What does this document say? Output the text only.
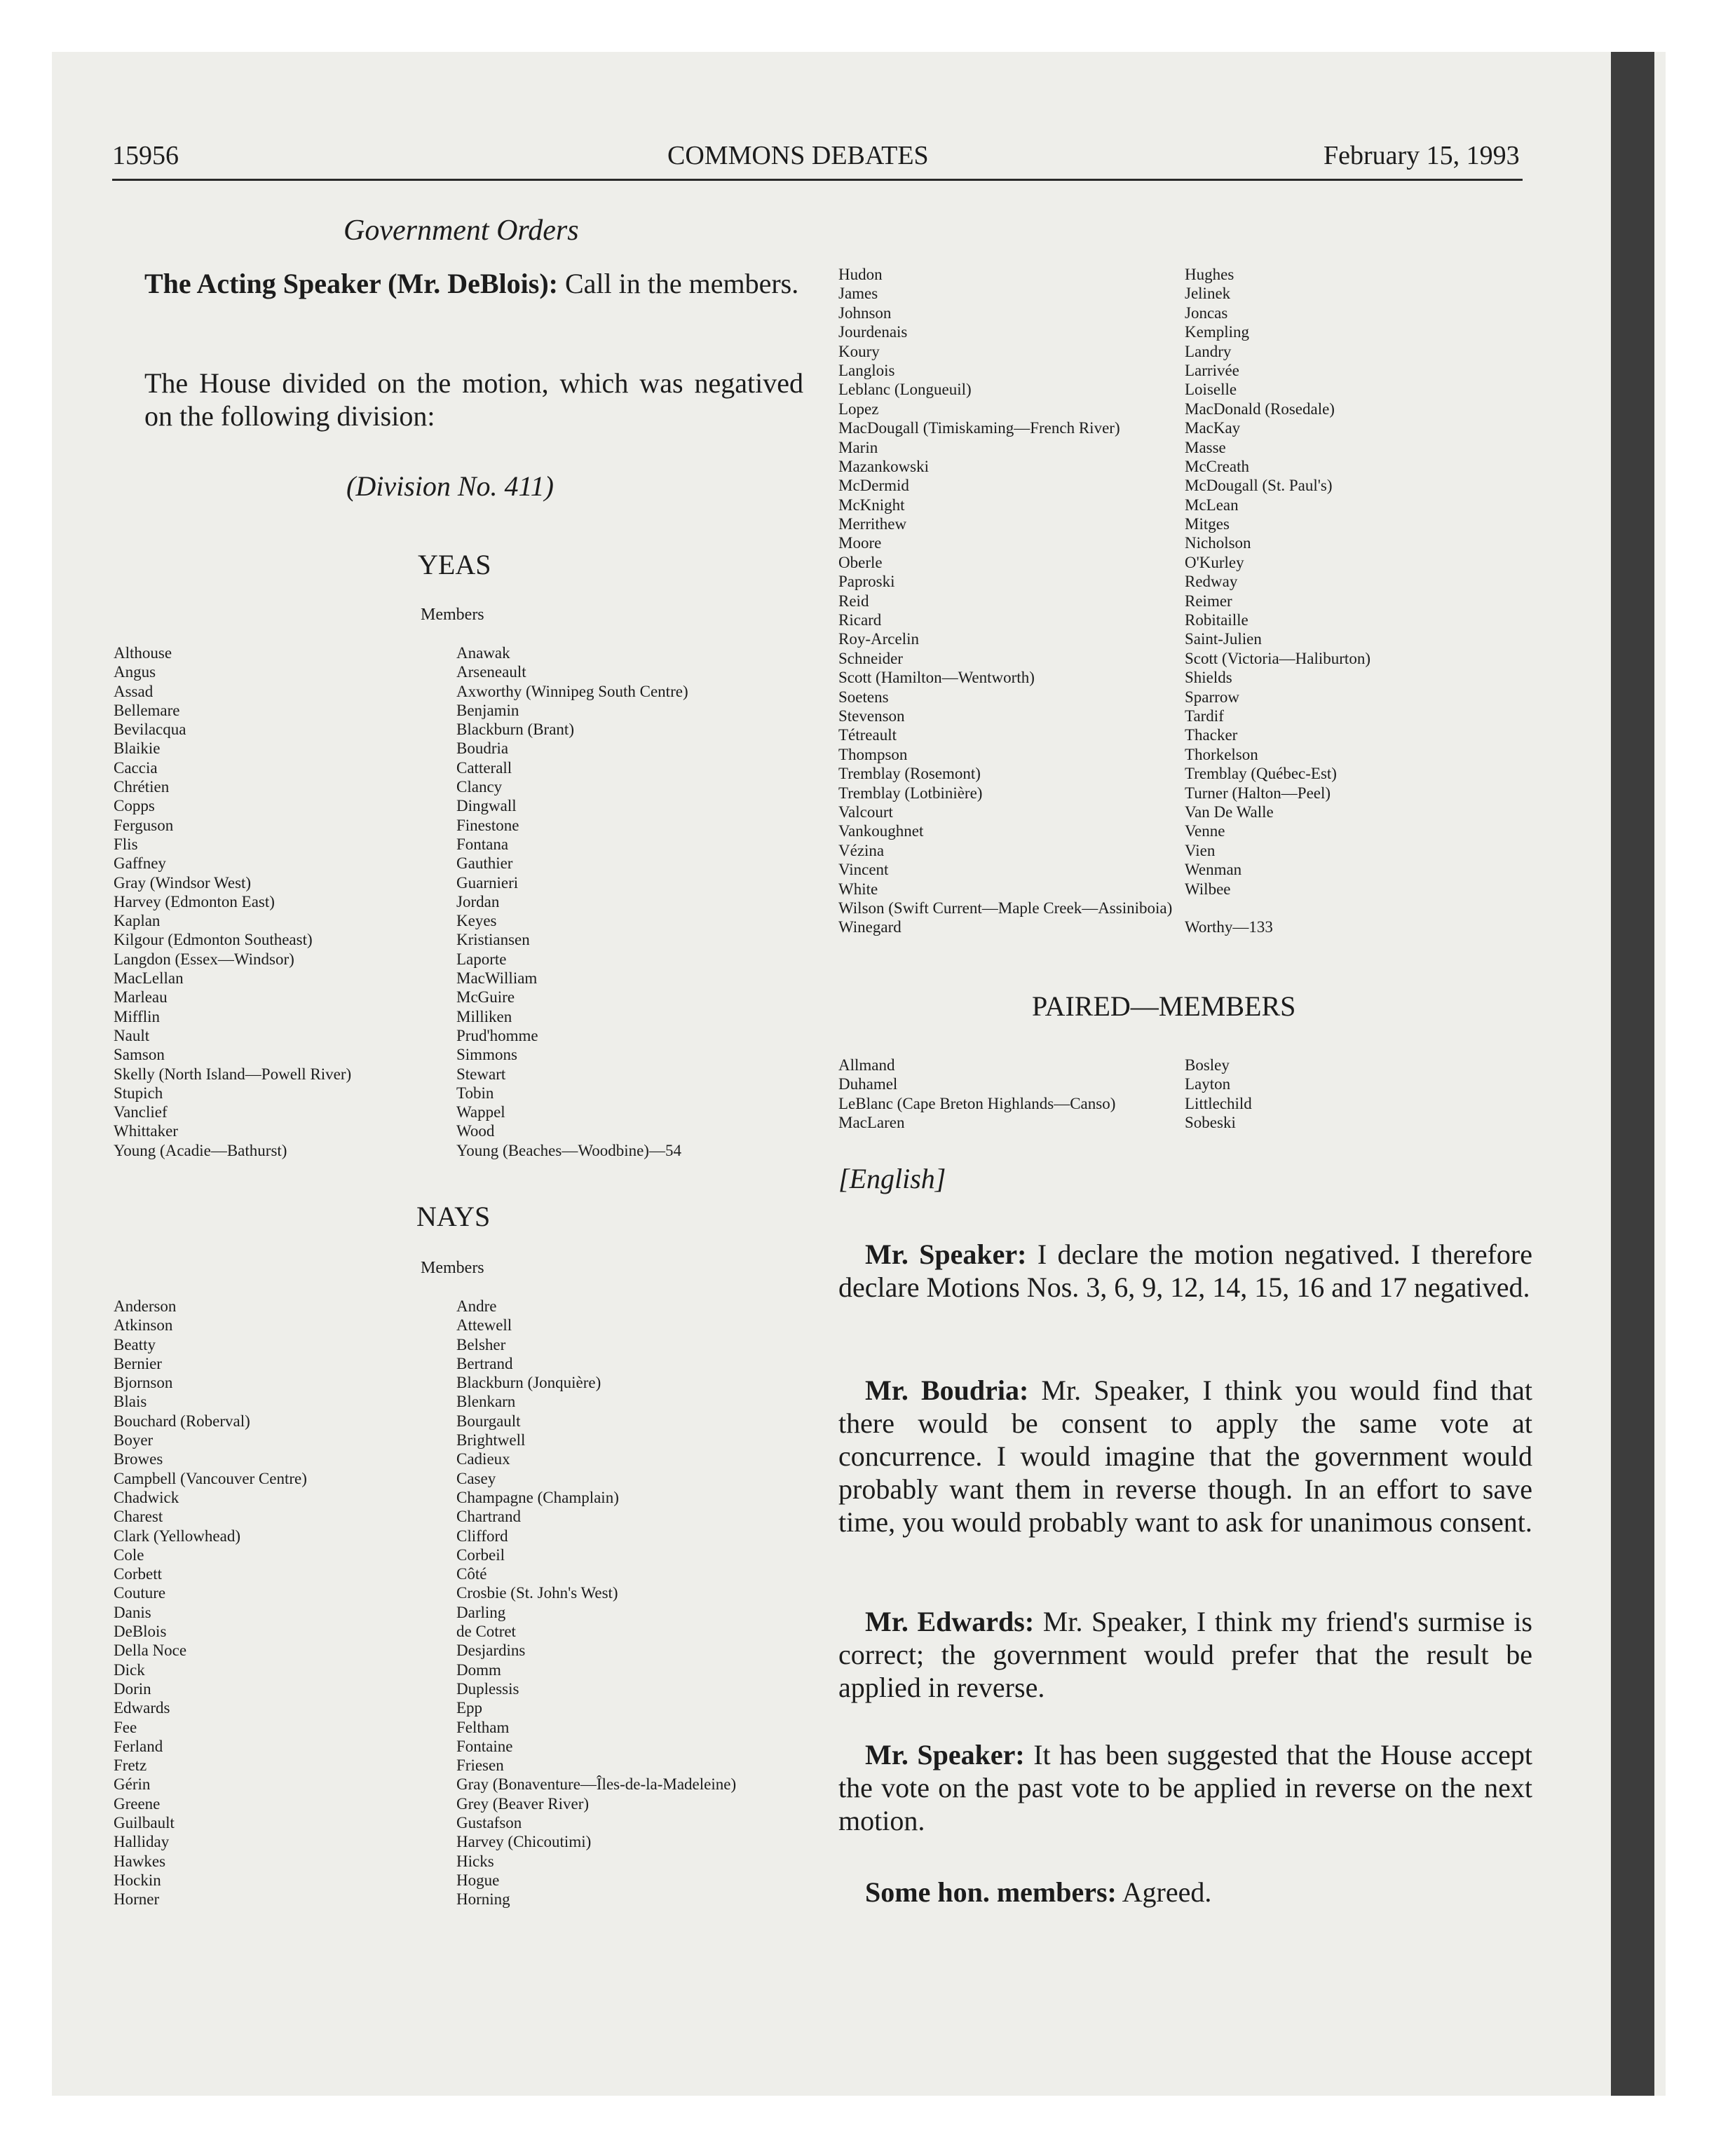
15956	COMMONS DEBATES	February 15, 1993
Government Orders
The Acting Speaker (Mr. DeBlois): Call in the members.
The House divided on the motion, which was negatived on the following division:
(Division No. 411)
YEAS
Members
Althouse
Angus
Assad
Bellemare
Bevilacqua
Blaikie
Caccia
Chrétien
Copps
Ferguson
Flis
Gaffney
Gray (Windsor West)
Harvey (Edmonton East)
Kaplan
Kilgour (Edmonton Southeast)
Langdon (Essex—Windsor)
MacLellan
Marleau
Mifflin
Nault
Samson
Skelly (North Island—Powell River)
Stupich
Vanclief
Whittaker
Young (Acadie—Bathurst)
Anawak
Arseneault
Axworthy (Winnipeg South Centre)
Benjamin
Blackburn (Brant)
Boudria
Catterall
Clancy
Dingwall
Finestone
Fontana
Gauthier
Guarnieri
Jordan
Keyes
Kristiansen
Laporte
MacWilliam
McGuire
Milliken
Prud'homme
Simmons
Stewart
Tobin
Wappel
Wood
Young (Beaches—Woodbine)—54
NAYS
Members
Anderson
Atkinson
Beatty
Bernier
Bjornson
Blais
Bouchard (Roberval)
Boyer
Browes
Campbell (Vancouver Centre)
Chadwick
Charest
Clark (Yellowhead)
Cole
Corbett
Couture
Danis
DeBlois
Della Noce
Dick
Dorin
Edwards
Fee
Ferland
Fretz
Gérin
Greene
Guilbault
Halliday
Hawkes
Hockin
Horner
Andre
Attewell
Belsher
Bertrand
Blackburn (Jonquière)
Blenkarn
Bourgault
Brightwell
Cadieux
Casey
Champagne (Champlain)
Chartrand
Clifford
Corbeil
Côté
Crosbie (St. John's West)
Darling
de Cotret
Desjardins
Domm
Duplessis
Epp
Feltham
Fontaine
Friesen
Gray (Bonaventure—Îles-de-la-Madeleine)
Grey (Beaver River)
Gustafson
Harvey (Chicoutimi)
Hicks
Hogue
Horning
Hudon
James
Johnson
Jourdenais
Koury
Langlois
Leblanc (Longueuil)
Lopez
MacDougall (Timiskaming—French River)
Marin
Mazankowski
McDermid
McKnight
Merrithew
Moore
Oberle
Paproski
Reid
Ricard
Roy-Arcelin
Schneider
Scott (Hamilton—Wentworth)
Soetens
Stevenson
Tétreault
Thompson
Tremblay (Rosemont)
Tremblay (Lotbinière)
Valcourt
Vankoughnet
Vézina
Vincent
White
Wilson (Swift Current—Maple Creek—Assiniboia)
Winegard
Hughes
Jelinek
Joncas
Kempling
Landry
Larrivée
Loiselle
MacDonald (Rosedale)
MacKay
Masse
McCreath
McDougall (St. Paul's)
McLean
Mitges
Nicholson
O'Kurley
Redway
Reimer
Robitaille
Saint-Julien
Scott (Victoria—Haliburton)
Shields
Sparrow
Tardif
Thacker
Thorkelson
Tremblay (Québec-Est)
Turner (Halton—Peel)
Van De Walle
Venne
Vien
Wenman
Wilbee
Worthy—133
PAIRED—MEMBERS
Allmand
Duhamel
LeBlanc (Cape Breton Highlands—Canso)
MacLaren
Bosley
Layton
Littlechild
Sobeski
[English]
Mr. Speaker: I declare the motion negatived. I therefore declare Motions Nos. 3, 6, 9, 12, 14, 15, 16 and 17 negatived.
Mr. Boudria: Mr. Speaker, I think you would find that there would be consent to apply the same vote at concurrence. I would imagine that the government would probably want them in reverse though. In an effort to save time, you would probably want to ask for unanimous consent.
Mr. Edwards: Mr. Speaker, I think my friend's surmise is correct; the government would prefer that the result be applied in reverse.
Mr. Speaker: It has been suggested that the House accept the vote on the past vote to be applied in reverse on the next motion.
Some hon. members: Agreed.
